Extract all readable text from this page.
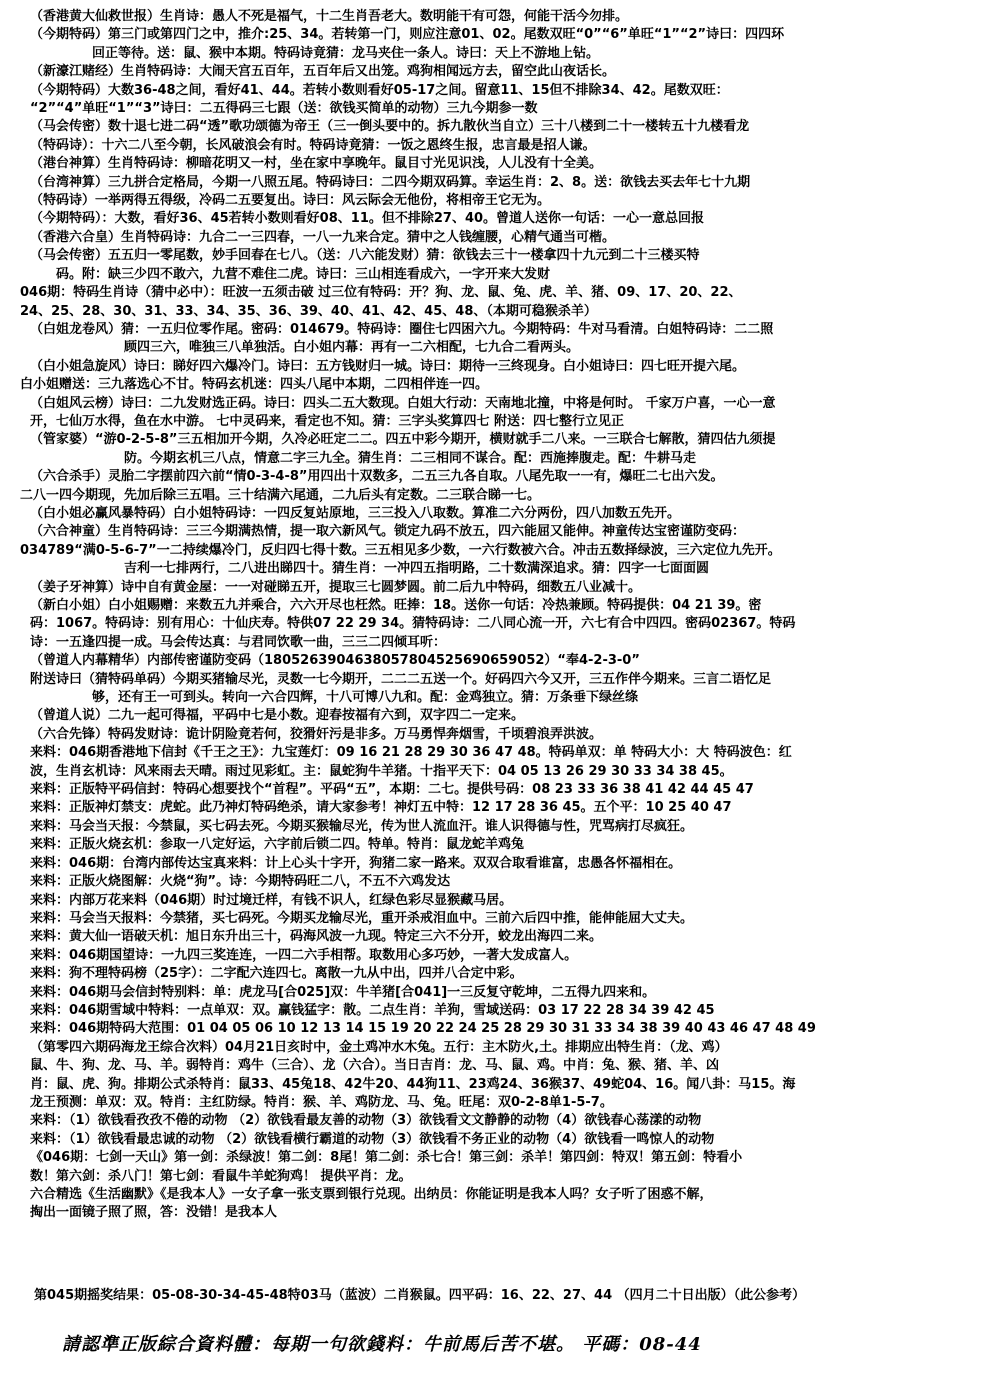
（香港黄大仙救世报）生肖诗：愚人不死是福气，十二生肖吾老大。数明能干有可怨，何能干活今勿排。
（今期特码）第三门或第四门之中，推介:25、34。若转第一门，则应注意01、02。尾数双旺“0”“6”单旺“1”“2”诗曰：四四环
回正等待。送：鼠、猴中本期。特码诗竟猜：龙马夹住一条人。诗曰：天上不游地上钻。
（新濠江赌经）生肖特码诗：大闹天宫五百年，五百年后又出笼。鸡狗相闻远方去，留空此山夜话长。
（今期特码）大数36-48之间，看好41、44。若转小数则看好05-17之间。留意11、15但不排除34、42。尾数双旺：
“2”“4”单旺“1”“3”诗曰：二五得码三七跟（送：欲钱买简单的动物）三九今期参一数
（马会传密）数十退七进二码“透”歌功颂德为帝王（三一倒头要中的。拆九散伙当自立）三十八楼到二十一楼转五十九楼看龙
（特码诗）：十六二八至今朝，长风破浪会有时。特码诗竟猜：一饭之恩终生报，忠言最是招人谦。
（港台神算）生肖特码诗：柳暗花明又一村，坐在家中享晚年。鼠目寸光见识浅，人儿没有十全美。
（台湾神算）三九拼合定格局，今期一八照五尾。特码诗曰：二四今期双码算。幸运生肖：2、8。送：欲钱去买去年七十九期
（特码诗）一举两得五得级，冷码二五要复出。诗曰：风云际会无他份，将相帝王它无为。
（今期特码）：大数，看好36、45若转小数则看好08、11。但不排除27、40。曾道人送你一句话：一心一意总回报
（香港六合皇）生肖特码诗：九合二一三四春，一八一九来合定。猜中之人钱缠腰，心精气通当可楷。
（马会传密）五五归一零尾数，妙手回春在七八。（送：八六能发财）猜：欲钱去三十一楼拿四十九元到二十三楼买特
码。附：缺三少四不敢六，九营不难住二虎。诗曰：三山相连看成六，一字开来大发财
046期：特码生肖诗（猜中必中）：旺波一五须击破 过三位有特码：开？狗、龙、鼠、兔、虎、羊、猪、09、17、20、22、
24、25、28、30、31、33、34、35、36、39、40、41、42、45、48、（本期可稳猴杀羊）
（白姐龙卷风）猜：一五归位零作尾。密码：014679。特码诗：圈住七四困六九。今期特码：牛对马看清。白姐特码诗：二二照
顾四三六，唯独三八单独活。白小姐内幕：再有一二六相配，七九合二看两头。
（白小姐急旋风）诗曰：睇好四六爆冷门。诗曰：五方钱财归一城。诗曰：期待一三终现身。白小姐诗曰：四七旺开提六尾。
白小姐赠送：三九落选心不甘。特码玄机迷：四头八尾中本期，二四相伴连一四。
（白姐风云榜）诗曰：二九发财选正码。诗曰：四头二五大数现。白姐大行动：天南地北撞，中将是何时。 千家万户喜，一心一意
开，七仙万水得，鱼在水中游。 七中灵码来，看定也不知。猜：三字头奖算四七 附送：四七整行立见正
（管家婆）“游0-2-5-8”三五相加开今期，久冷必旺定二二。四五中彩今期开，横财就手二八来。一三联合七解散，猜四估九须提
防。今期玄机三八点，情意二字三九全。猜生肖：二三相同不谋合。配：西施捧腹走。配：牛耕马走
（六合杀手）灵胎二字摆前四六前“情0-3-4-8”用四出十双数多，二五三九各自取。八尾先取一一有，爆旺二七出六发。
二八一四今期现，先加后除三五唱。三十结满六尾通，二九后头有定数。二三联合睇一七。
（白小姐必赢风暴特码）白小姐特码诗：一四反复站原地，三三投入八取数。算准二六分两份，四八加数五先开。
（六合神童）生肖特码诗：三三今期满热情，提一取六新风气。锁定九码不放五，四六能屈又能伸。神童传达宝密谨防变码：
034789“满0-5-6-7”一二持续爆冷门，反归四七得十数。三五相见多少数，一六行数被六合。冲击五数择绿波，三六定位九先开。
吉利一七排两行，二八进出睇四十。猜生肖：一冲四五指明路，二十数满深追求。猜：四字一七面面圆
（姜子牙神算）诗中自有黄金屋：一一对碰睇五开，提取三七圆梦圆。前二后九中特码，细数五八业减十。
（新白小姐）白小姐赐赠：来数五九并乘合，六六开尽也枉然。旺捧：18。送你一句话：冷热兼顾。特码提供：04 21 39。密
码：1067。特码诗：别有用心：十仙庆寿。特供07 22 29 34。猜特码诗：二八同心流一开，六七有合中四四。密码02367。特码
诗：一五逢四提一成。马会传达真：与君同饮歌一曲，三三二四倾耳听：
（曾道人内幕精华）内部传密谨防变码（18052639046380578045256906590​52）“奉4-2-3-0”
附送诗曰（猜特码单码）今期买猪输尽光，灵数一七今期开，二二二五送一个。好码四六今又开，三五作伴今期来。三言二语忆足
够，还有王一可到头。转向一六合四辉，十八可博八九和。配：金鸡独立。猜：万条垂下绿丝绦
（曾道人说）二九一起可得福，平码中七是小数。迎春按福有六到，双字四二一定来。
（六合先锋）特码发财诗：诡计阴险竟若何，狡猾奸污是非多。万马勇悍奔烟雪，千顷碧浪弄洪波。
来料：046期香港地下信封《千王之王》：九宝莲灯：09 16 21 28 29 30 36 47 48。特码单双：单 特码大小：大 特码波色：红
波，生肖玄机诗：风来雨去天晴。雨过见彩虹。主：鼠蛇狗牛羊猪。十指平天下：04 05 13 26 29 30 33 34 38 45。
来料：正版特平码信封：特码心想要找个“首程”。平码“五”，本期：二七。提供号码：08 23 33 36 38 41 42 44 45 47
来料：正版神灯禁支：虎蛇。此乃神灯特码绝杀，请大家参考！神灯五中特：12 17 28 36 45。五个平：10 25 40 47
来料：马会当天报：今禁鼠，买七码去死。今期买猴输尽光，传为世人流血汗。谁人识得德与性，咒骂病打尽疯狂。
来料：正版火烧玄机：参取一八定好运，六字前后锁二四。特单。特肖：鼠龙蛇羊鸡兔
来料：046期：台湾内部传达宝真来料：计上心头十字开，狗猪二家一路来。双双合取看谁富，忠愚各怀福相在。
来料：正版火烧图解：火烧“狗”。诗：今期特码旺二八，不五不六鸡发达
来料：内部万花来料（046期）时过境迁样，有钱不识人，红绿色彩尽显猴藏马居。
来料：马会当天报料：今禁猪，买七码死。今期买龙输尽光，重开杀戒泪血中。三前六后四中推，能伸能屈大丈夫。
来料：黄大仙一语破天机：旭日东升出三十，码海风波一九现。特定三六不分开，蛟龙出海四二来。
来料：046期国望诗：一九四三奖连连，一四二六手相帮。取数用心多巧妙，一著大发成富人。
来料：狗不理特码榜（25字）：二字配六连四七。离散一九从中出，四并八合定中彩。
来料：046期马会信封特别料：单：虎龙马[合025]双：牛羊猪[合041]一三反复守乾坤，二五得九四来和。
来料：046期雪域中特料：一点单双：双。赢钱猛字：散。二点生肖：羊狗，雪域送码：03 17 22 28 34 39 42 45
来料：046期特码大范围：01 04 05 06 10 12 13 14 15 19 20 22 24 25 28 29 30 31 33 34 38 39 40 43 46 47 48 49
（第零四六期码海龙王综合次料）04月21日亥时中，金土鸡冲水木兔。五行：主木防火,土。排期应出特生肖：（龙、鸡）
鼠、牛、狗、龙、马、羊。弱特肖：鸡牛（三合）、龙（六合）。当日吉肖：龙、马、鼠、鸡。中肖：兔、猴、猪、羊、凶
肖：鼠、虎、狗。排期公式杀特肖：鼠33、45兔18、42牛20、44狗11、23鸡24、36猴37、49蛇04、16。闻八卦：马15。海
龙王预测：单双：双。特肖：主红防绿。特肖：猴、羊、鸡防龙、马、兔。旺尾：双0-2-8单1-5-7。
来料：（1）欲钱看孜孜不倦的动物 （2）欲钱看最友善的动物（3）欲钱看文文静静的动物（4）欲钱春心荡漾的动物
来料：（1）欲钱看最忠诚的动物 （2）欲钱看横行霸道的动物（3）欲钱看不务正业的动物（4）欲钱看一鸣惊人的动物
《046期：七剑一天山》第一剑：杀绿波！第二剑：8尾！第二剑：杀七合！第三剑：杀羊！第四剑：特双！第五剑：特看小
数！第六剑：杀八门！第七剑：看鼠牛羊蛇狗鸡！ 提供平肖：龙。
六合精选《生活幽默》《是我本人》一女子拿一张支票到银行兑现。出纳员：你能证明是我本人吗？女子听了困惑不解，
掏出一面镜子照了照，答：没错！是我本人
第045期摇奖结果：05-08-30-34-45-48特03马（蓝波）二肖猴鼠。四平码：16、22、27、44 （四月二十日出版）（此公参考）
請認準正版綜合資料體：每期一句欲錢料：牛前馬后苦不堪。 平碼：08-44
